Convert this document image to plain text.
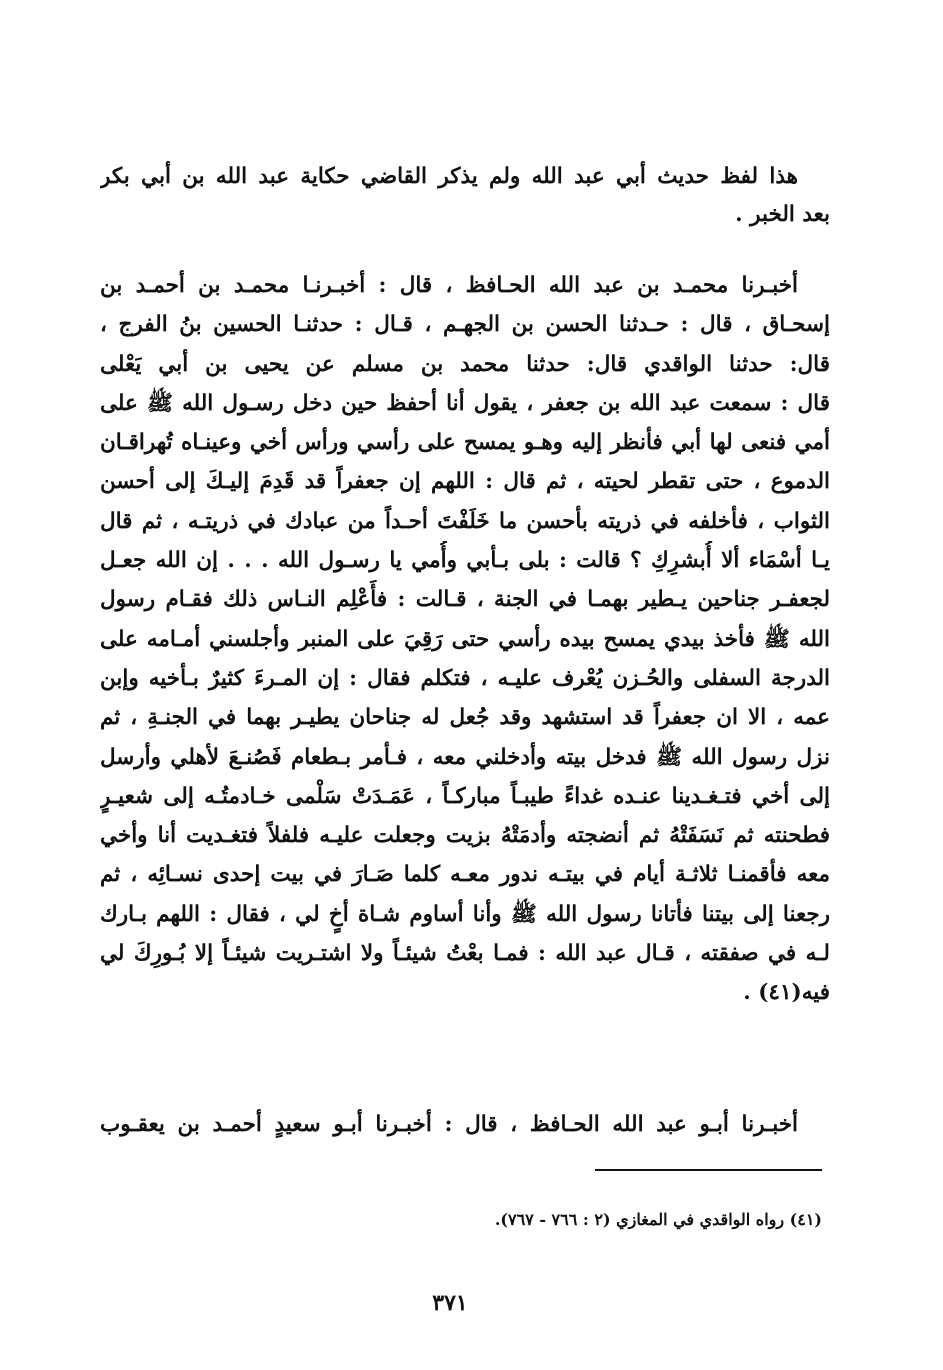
هذا لفظ حديث أبي عبد الله ولم يذكر القاضي حكاية عبد الله بن أبي بكر
بعد الخبر .
أخبـرنا محمـد بن عبد الله الحـافظ ، قال : أخبـرنـا محمـد بن أحمـد بن
إسحـاق ، قال : حـدثنا الحسن بن الجهـم ، قـال : حدثنـا الحسين بنُ الفرج ،
قال: حدثنا الواقدي قال: حدثنا محمد بن مسلم عن يحيى بن أبي يَعْلى
قال : سمعت عبد الله بن جعفر ، يقول أنا أحفظ حين دخل رسـول الله ﷺ على
أمي فنعى لها أبي فأنظر إليه وهـو يمسح على رأسي ورأس أخي وعينـاه تُهراقـان
الدموع ، حتى تقطر لحيته ، ثم قال : اللهم إن جعفراً قد قَدِمَ إليـكَ إلى أحسن
الثواب ، فأخلفه في ذريته بأحسن ما خَلَفْتَ أحـداً من عبادك في ذريتـه ، ثم قال
يـا أسْمَاء ألا أُبشرِكِ ؟ قالت : بلى بـأبي وأُمي يا رسـول الله . . . إن الله جعـل
لجعفـر جناحين يـطير بهمـا في الجنة ، قـالت : فأَعْلِم النـاس ذلك فقـام رسول
الله ﷺ فأخذ بيدي يمسح بيده رأسي حتى رَقِيَ على المنبر وأجلسني أمـامه على
الدرجة السفلى والحُـزن يُعْرف عليـه ، فتكلم فقال : إن المـرءَ كثيرٌ بـأخيه وإبن
عمه ، الا ان جعفراً قد استشهد وقد جُعل له جناحان يطيـر بهما في الجنـةِ ، ثم
نزل رسول الله ﷺ فدخل بيته وأدخلني معه ، فـأمر بـطعام فَصُنـعَ لأهلي وأرسل
إلى أخي فتـغـدينا عنـده غداءً طيبـاً مباركـاً ، عَمَـدَتْ سَلْمى خـادمتُـه إلى شعيـرٍ
فطحنته ثم نَسَفَتْهُ ثم أنضجته وأدمَتْهُ بزيت وجعلت عليـه فلفلاً فتغـديت أنا وأخي
معه فأقمنـا ثلاثـة أيام في بيتـه ندور معـه كلما صَـارَ في بيت إحدى نسـائِه ، ثم
رجعنا إلى بيتنا فأتانا رسول الله ﷺ وأنا أساوم شـاة أخٍ لي ، فقال : اللهم بـارك
لـه في صفقته ، قـال عبد الله : فمـا بعْتُ شيئـاً ولا اشتـريت شيئـاً إلا بُـورِكَ لي
فيه(٤١) .
أخبـرنا أبـو عبد الله الحـافظ ، قال : أخبـرنا أبـو سعيدٍ أحمـد بن يعقـوب
(٤١) رواه الواقدي في المغازي (٢ : ٧٦٦ - ٧٦٧).
٣٧١
